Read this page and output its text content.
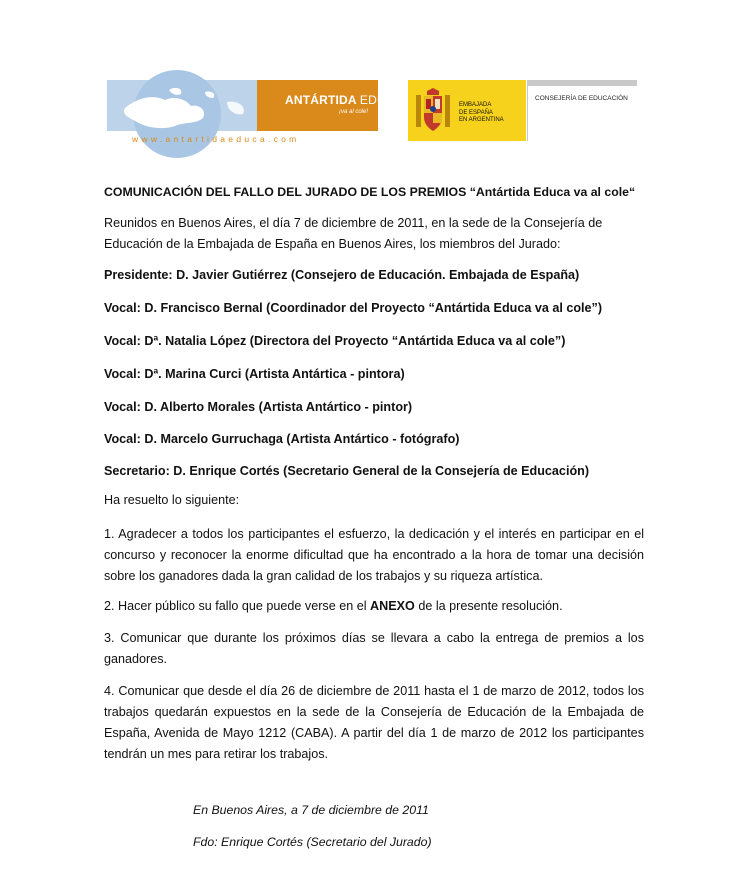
ANTÁRTIDA EDUCA
¡va al cole!
www.antartidaeduca.com
EMBAJADA
DE ESPAÑA
EN ARGENTINA
CONSEJERÍA DE EDUCACIÓN
COMUNICACIÓN DEL FALLO DEL JURADO DE LOS PREMIOS “Antártida Educa va al cole“
Reunidos en Buenos Aires, el día 7 de diciembre de 2011, en la sede de la Consejería de Educación de la Embajada de España en Buenos Aires, los miembros del Jurado:
Presidente: D. Javier Gutiérrez (Consejero de Educación. Embajada de España)
Vocal: D. Francisco Bernal (Coordinador del Proyecto “Antártida Educa va al cole”)
Vocal: Dª. Natalia López (Directora del Proyecto “Antártida Educa va al cole”)
Vocal: Dª. Marina Curci (Artista Antártica - pintora)
Vocal: D. Alberto Morales (Artista Antártico - pintor)
Vocal: D. Marcelo Gurruchaga (Artista Antártico - fotógrafo)
Secretario: D. Enrique Cortés (Secretario General de la Consejería de Educación)
Ha resuelto lo siguiente:
1. Agradecer a todos los participantes el esfuerzo, la dedicación y el interés en participar en el concurso y reconocer la enorme dificultad que ha encontrado a la hora de tomar una decisión sobre los ganadores dada la gran calidad de los trabajos y su riqueza artística.
2. Hacer público su fallo que puede verse en el ANEXO de la presente resolución.
3. Comunicar que durante los próximos días se llevara a cabo la entrega de premios a los ganadores.
4. Comunicar que desde el día 26 de diciembre de 2011 hasta el 1 de marzo de 2012, todos los trabajos quedarán expuestos en la sede de la Consejería de Educación de la Embajada de España, Avenida de Mayo 1212 (CABA). A partir del día 1 de marzo de 2012 los participantes tendrán un mes para retirar los trabajos.
En Buenos Aires, a 7 de diciembre de 2011
Fdo: Enrique Cortés (Secretario del Jurado)
